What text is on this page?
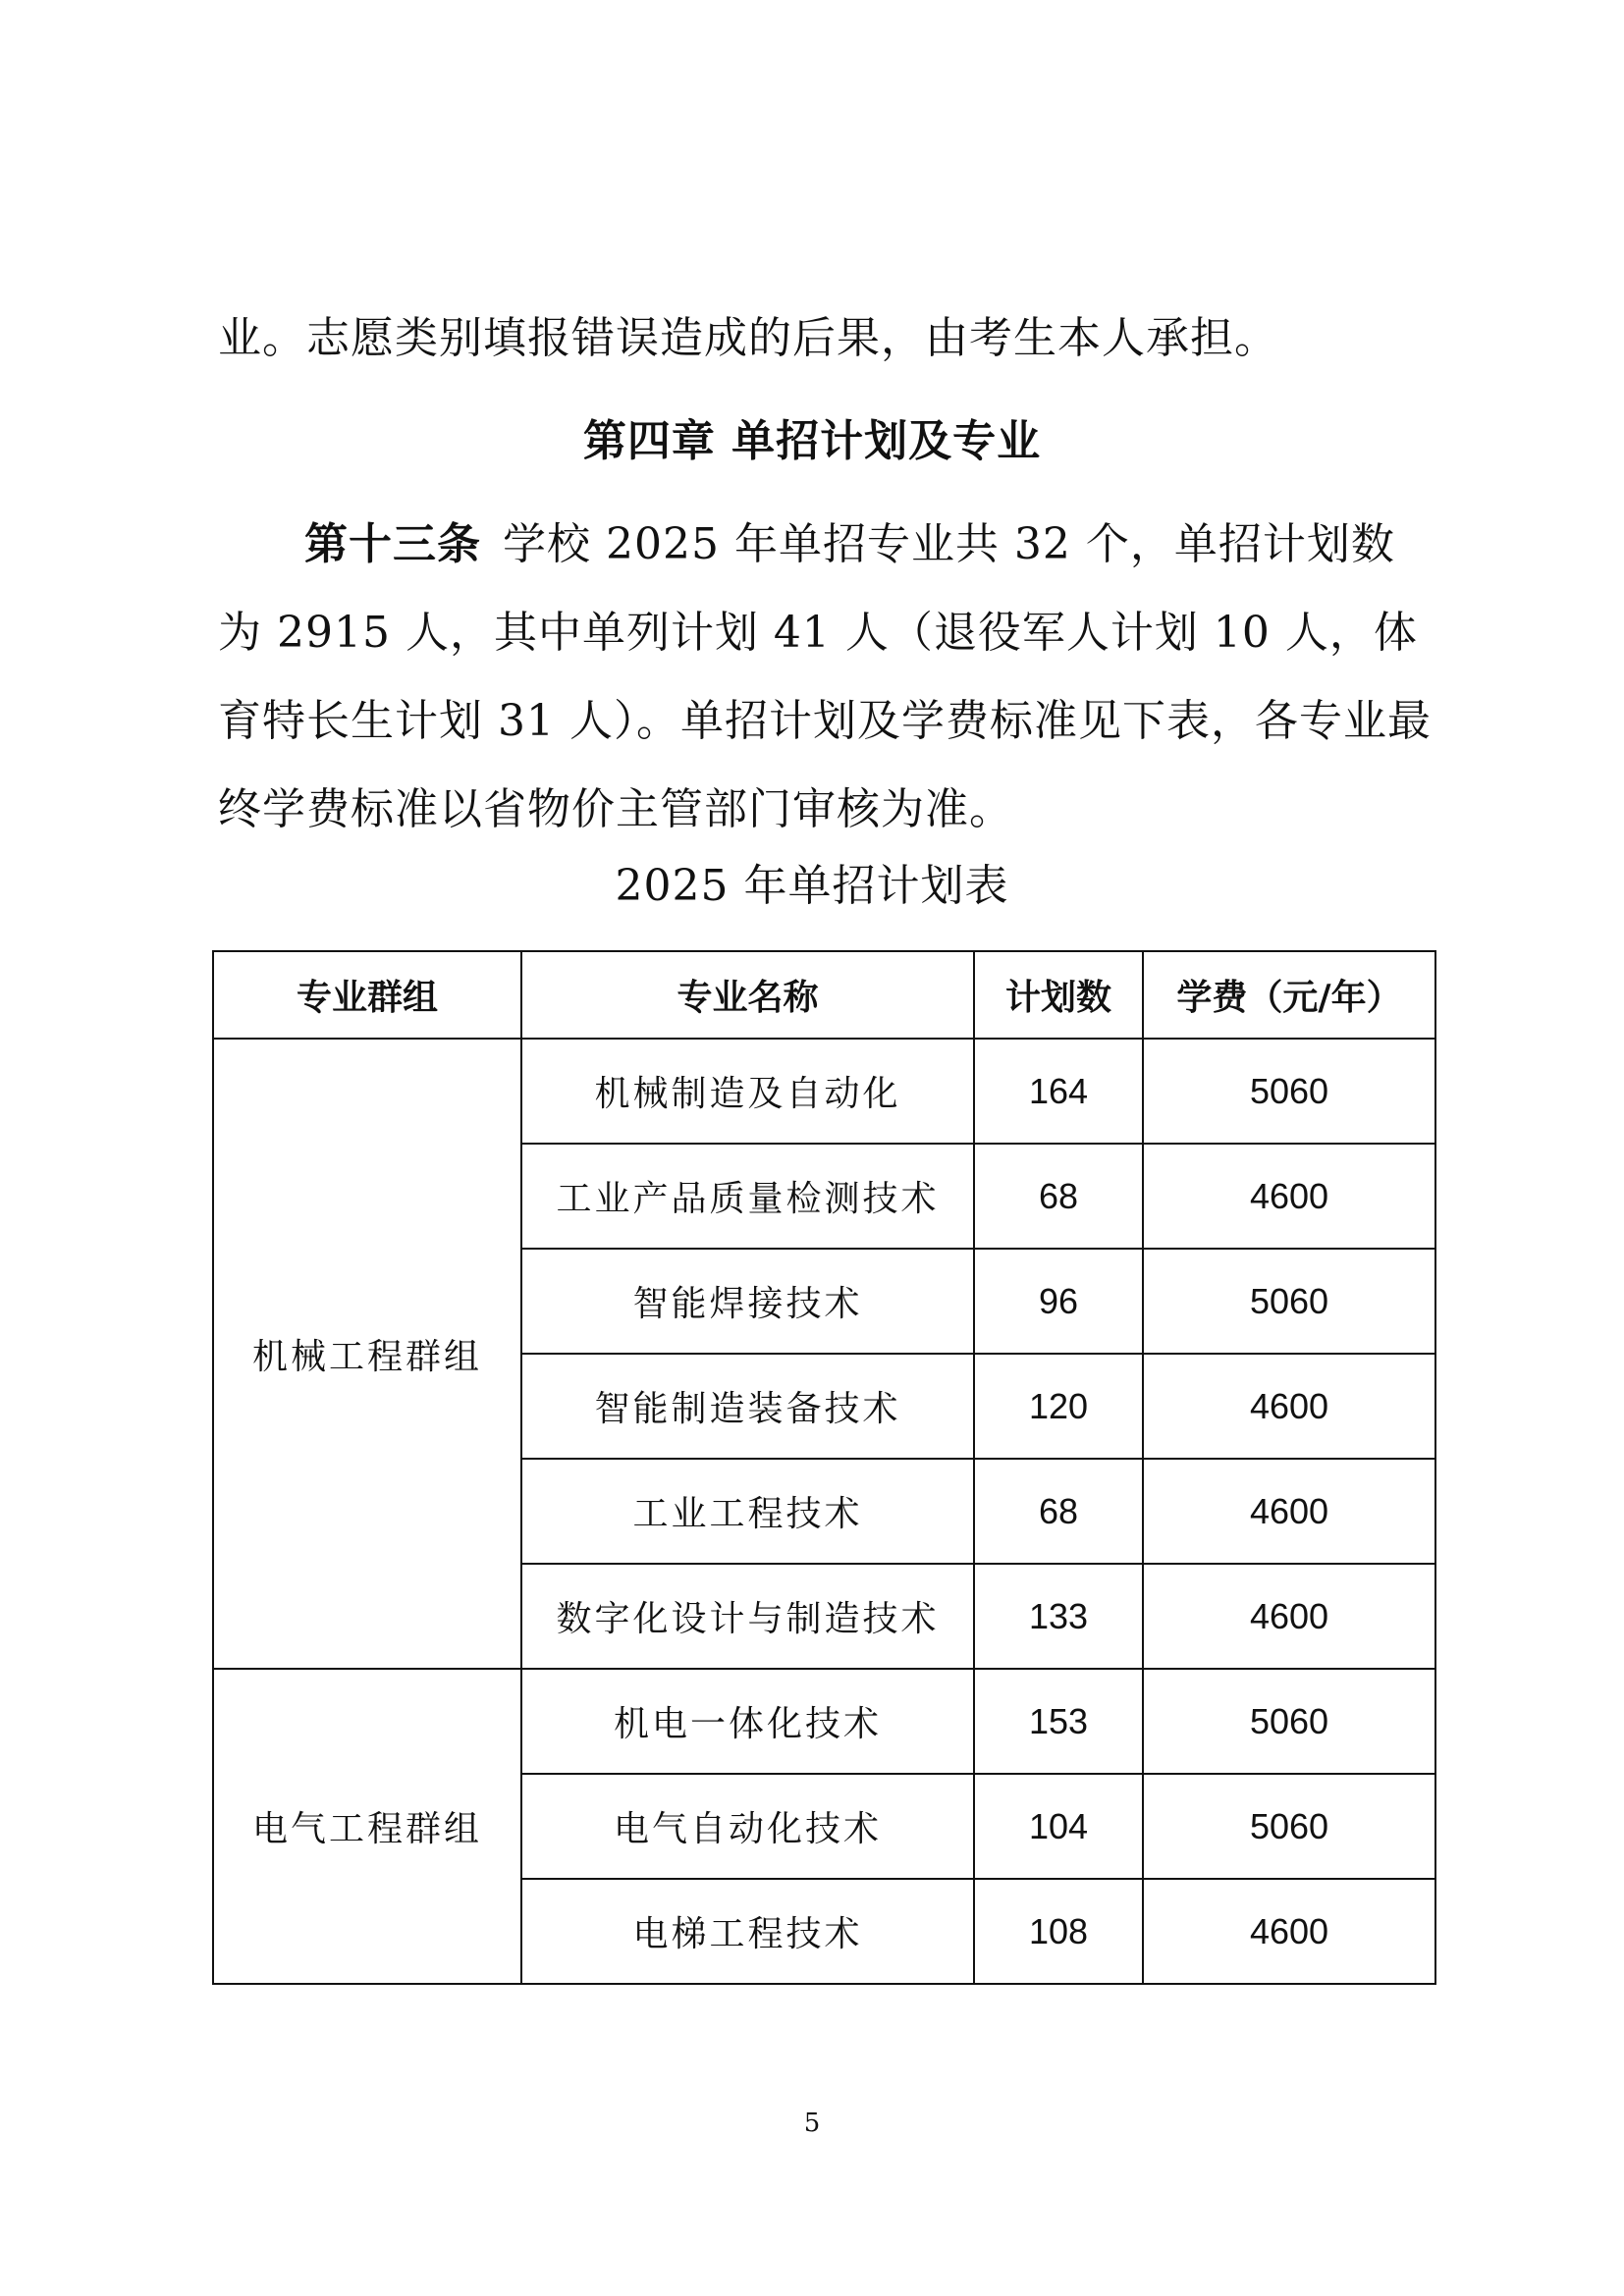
业。志愿类别填报错误造成的后果，由考生本人承担。

第四章 单招计划及专业

第十三条 学校 2025 年单招专业共 32 个，单招计划数为 2915 人，其中单列计划 41 人（退役军人计划 10 人，体育特长生计划 31 人）。单招计划及学费标准见下表，各专业最终学费标准以省物价主管部门审核为准。

2025 年单招计划表

专业群组	专业名称	计划数	学费（元/年）
机械工程群组	机械制造及自动化	164	5060
	工业产品质量检测技术	68	4600
	智能焊接技术	96	5060
	智能制造装备技术	120	4600
	工业工程技术	68	4600
	数字化设计与制造技术	133	4600
电气工程群组	机电一体化技术	153	5060
	电气自动化技术	104	5060
	电梯工程技术	108	4600

5
